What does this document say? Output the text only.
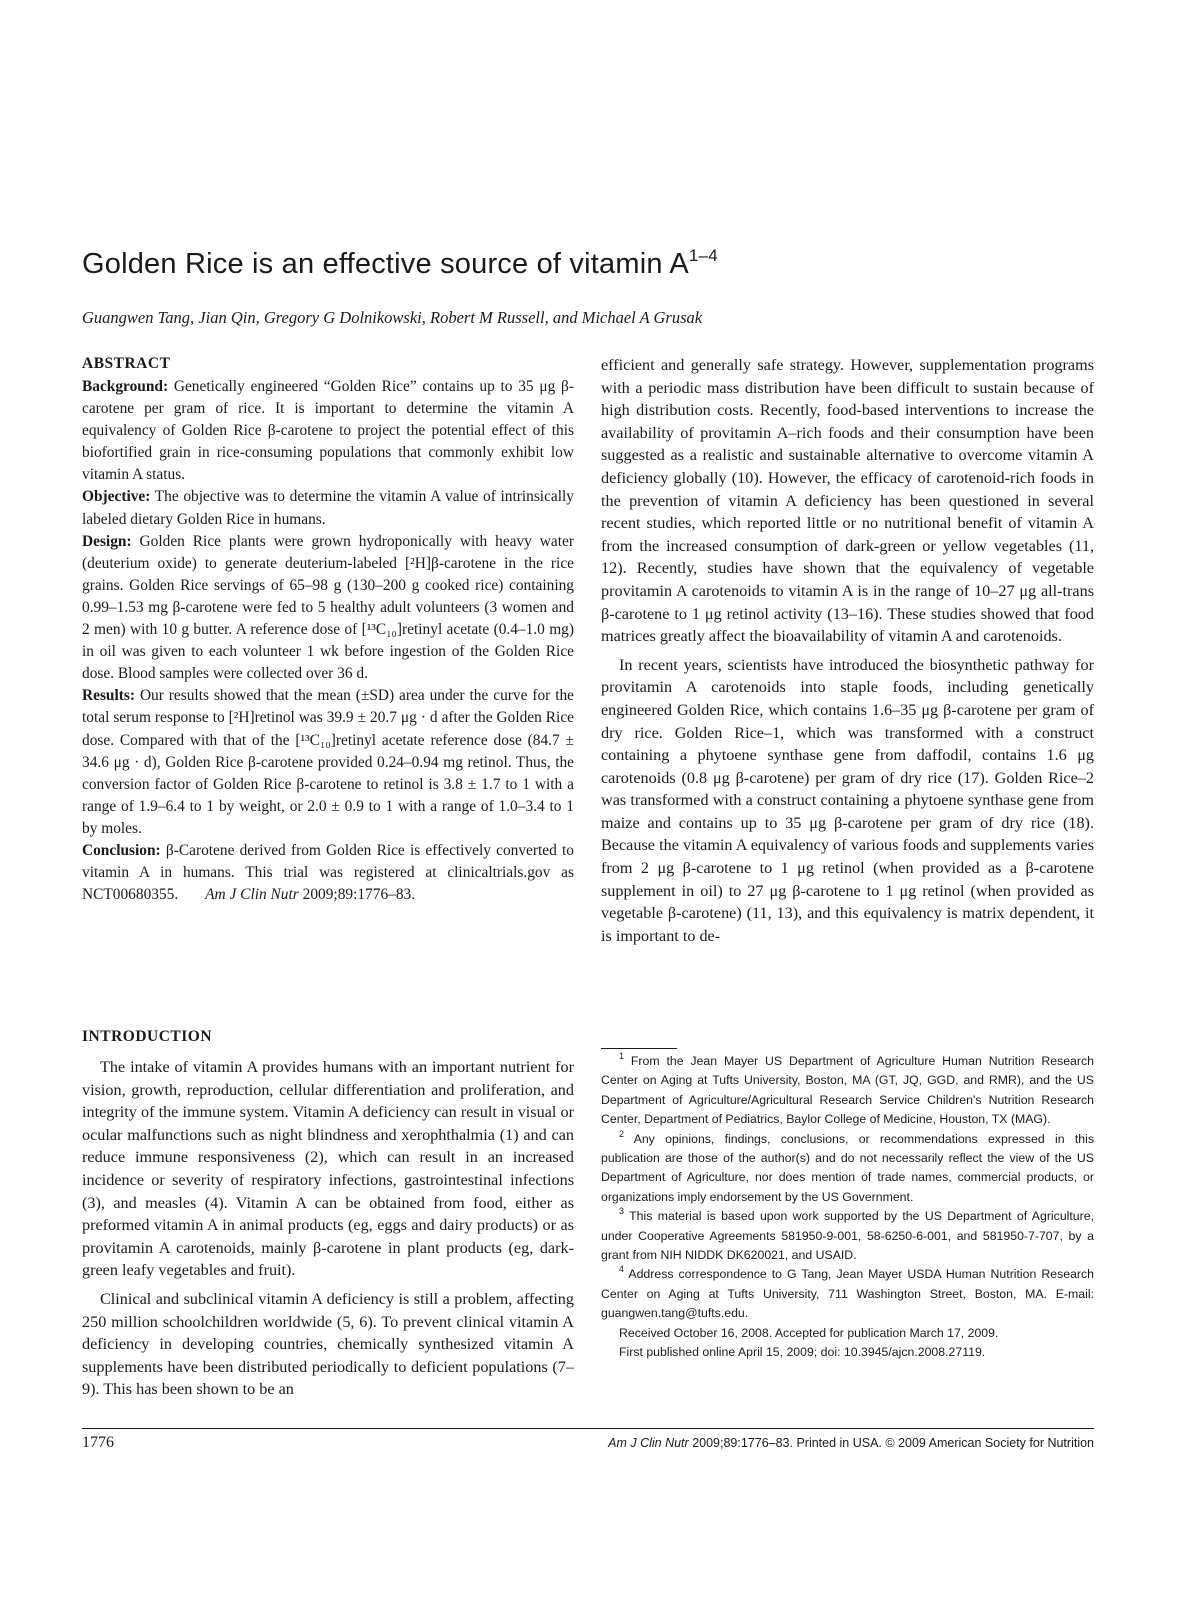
Golden Rice is an effective source of vitamin $A^{1-4}$
Guangwen Tang, Jian Qin, Gregory G Dolnikowski, Robert M Russell, and Michael A Grusak
ABSTRACT

Background: Genetically engineered “Golden Rice” contains up to 35 μg β-carotene per gram of rice. It is important to determine the vitamin A equivalency of Golden Rice β-carotene to project the potential effect of this biofortified grain in rice-consuming populations that commonly exhibit low vitamin A status.

Objective: The objective was to determine the vitamin A value of intrinsically labeled dietary Golden Rice in humans.

Design: Golden Rice plants were grown hydroponically with heavy water (deuterium oxide) to generate deuterium-labeled [²H]β-carotene in the rice grains. Golden Rice servings of 65–98 g (130–200 g cooked rice) containing 0.99–1.53 mg β-carotene were fed to 5 healthy adult volunteers (3 women and 2 men) with 10 g butter. A reference dose of [¹³C₁₀]retinyl acetate (0.4–1.0 mg) in oil was given to each volunteer 1 wk before ingestion of the Golden Rice dose. Blood samples were collected over 36 d.

Results: Our results showed that the mean (±SD) area under the curve for the total serum response to [²H]retinol was 39.9 ± 20.7 μg · d after the Golden Rice dose. Compared with that of the [¹³C₁₀]retinyl acetate reference dose (84.7 ± 34.6 μg · d), Golden Rice β-carotene provided 0.24–0.94 mg retinol. Thus, the conversion factor of Golden Rice β-carotene to retinol is 3.8 ± 1.7 to 1 with a range of 1.9–6.4 to 1 by weight, or 2.0 ± 0.9 to 1 with a range of 1.0–3.4 to 1 by moles.

Conclusion: β-Carotene derived from Golden Rice is effectively converted to vitamin A in humans. This trial was registered at clinicaltrials.gov as NCT00680355. Am J Clin Nutr 2009;89:1776–83.

INTRODUCTION

The intake of vitamin A provides humans with an important nutrient for vision, growth, reproduction, cellular differentiation and proliferation, and integrity of the immune system. Vitamin A deficiency can result in visual or ocular malfunctions such as night blindness and xerophthalmia (1) and can reduce immune responsiveness (2), which can result in an increased incidence or severity of respiratory infections, gastrointestinal infections (3), and measles (4). Vitamin A can be obtained from food, either as preformed vitamin A in animal products (eg, eggs and dairy products) or as provitamin A carotenoids, mainly β-carotene in plant products (eg, dark-green leafy vegetables and fruit).

Clinical and subclinical vitamin A deficiency is still a problem, affecting 250 million schoolchildren worldwide (5, 6). To prevent clinical vitamin A deficiency in developing countries, chemically synthesized vitamin A supplements have been distributed periodically to deficient populations (7–9). This has been shown to be an

efficient and generally safe strategy. However, supplementation programs with a periodic mass distribution have been difficult to sustain because of high distribution costs. Recently, food-based interventions to increase the availability of provitamin A–rich foods and their consumption have been suggested as a realistic and sustainable alternative to overcome vitamin A deficiency globally (10). However, the efficacy of carotenoid-rich foods in the prevention of vitamin A deficiency has been questioned in several recent studies, which reported little or no nutritional benefit of vitamin A from the increased consumption of dark-green or yellow vegetables (11, 12). Recently, studies have shown that the equivalency of vegetable provitamin A carotenoids to vitamin A is in the range of 10–27 μg all-trans β-carotene to 1 μg retinol activity (13–16). These studies showed that food matrices greatly affect the bioavailability of vitamin A and carotenoids.

In recent years, scientists have introduced the biosynthetic pathway for provitamin A carotenoids into staple foods, including genetically engineered Golden Rice, which contains 1.6–35 μg β-carotene per gram of dry rice. Golden Rice–1, which was transformed with a construct containing a phytoene synthase gene from daffodil, contains 1.6 μg carotenoids (0.8 μg β-carotene) per gram of dry rice (17). Golden Rice–2 was transformed with a construct containing a phytoene synthase gene from maize and contains up to 35 μg β-carotene per gram of dry rice (18). Because the vitamin A equivalency of various foods and supplements varies from 2 μg β-carotene to 1 μg retinol (when provided as a β-carotene supplement in oil) to 27 μg β-carotene to 1 μg retinol (when provided as vegetable β-carotene) (11, 13), and this equivalency is matrix dependent, it is important to de-

$^1$ From the Jean Mayer US Department of Agriculture Human Nutrition Research Center on Aging at Tufts University, Boston, MA (GT, JQ, GGD, and RMR), and the US Department of Agriculture/Agricultural Research Service Children’s Nutrition Research Center, Department of Pediatrics, Baylor College of Medicine, Houston, TX (MAG).

$^2$ Any opinions, findings, conclusions, or recommendations expressed in this publication are those of the author(s) and do not necessarily reflect the view of the US Department of Agriculture, nor does mention of trade names, commercial products, or organizations imply endorsement by the US Government.

$^3$ This material is based upon work supported by the US Department of Agriculture, under Cooperative Agreements 581950-9-001, 58-6250-6-001, and 581950-7-707, by a grant from NIH NIDDK DK620021, and USAID.

$^4$ Address correspondence to G Tang, Jean Mayer USDA Human Nutrition Research Center on Aging at Tufts University, 711 Washington Street, Boston, MA. E-mail: guangwen.tang@tufts.edu.

Received October 16, 2008. Accepted for publication March 17, 2009.

First published online April 15, 2009; doi: 10.3945/ajcn.2008.27119.

1776	Am J Clin Nutr 2009;89:1776–83. Printed in USA. © 2009 American Society for Nutrition
